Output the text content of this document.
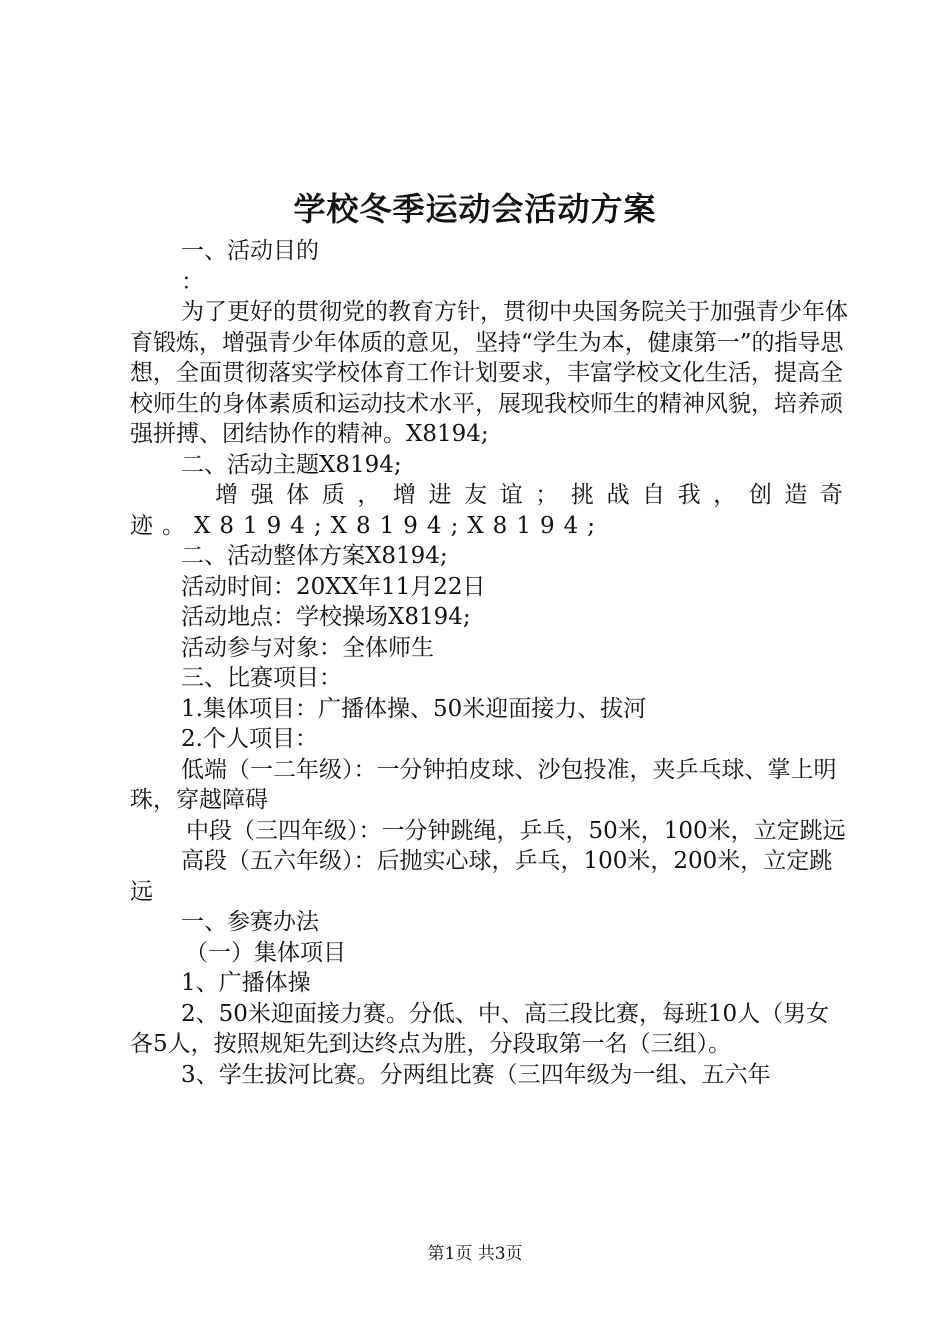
学校冬季运动会活动方案

一、活动目的

：

为了更好的贯彻党的教育方针，贯彻中央国务院关于加强青少年体育锻炼，增强青少年体质的意见，坚持“学生为本，健康第一”的指导思想，全面贯彻落实学校体育工作计划要求，丰富学校文化生活，提高全校师生的身体素质和运动技术水平，展现我校师生的精神风貌，培养顽强拼搏、团结协作的精神。X8194;

二、活动主题X8194;

增强体质，增进友谊；挑战自我，创造奇迹。X8194;X8194;X8194;

二、活动整体方案X8194;

活动时间：20XX年11月22日

活动地点：学校操场X8194;

活动参与对象：全体师生

三、比赛项目：

1.集体项目：广播体操、50米迎面接力、拔河

2.个人项目：

低端（一二年级）：一分钟拍皮球、沙包投准，夹乒乓球、掌上明珠，穿越障碍

中段（三四年级）：一分钟跳绳，乒乓，50米，100米，立定跳远

高段（五六年级）：后抛实心球，乒乓，100米，200米，立定跳远

一、参赛办法

（一）集体项目

1、广播体操

2、50米迎面接力赛。分低、中、高三段比赛，每班10人（男女各5人，按照规矩先到达终点为胜，分段取第一名（三组）。

3、学生拔河比赛。分两组比赛（三四年级为一组、五六年

第1页 共3页
